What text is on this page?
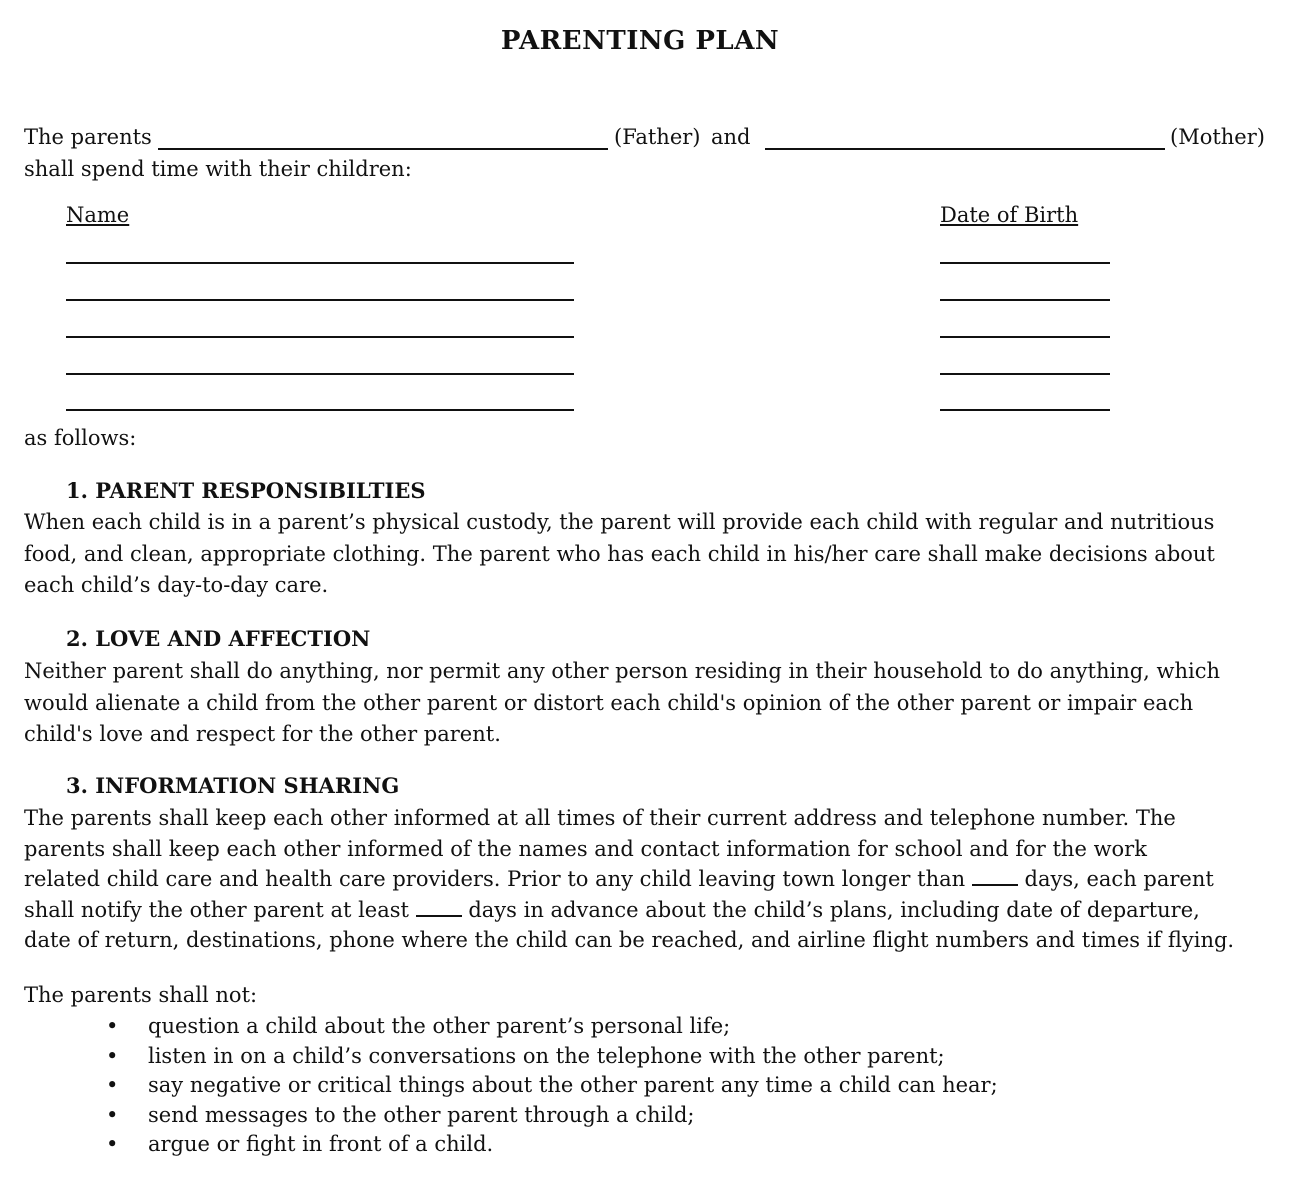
PARENTING PLAN
The parents	(Father) and	(Mother)
shall spend time with their children:
Name	Date of Birth
as follows:
1. PARENT RESPONSIBILTIES
When each child is in a parent’s physical custody, the parent will provide each child with regular and nutritious
food, and clean, appropriate clothing. The parent who has each child in his/her care shall make decisions about
each child’s day-to-day care.
2. LOVE AND AFFECTION
Neither parent shall do anything, nor permit any other person residing in their household to do anything, which
would alienate a child from the other parent or distort each child's opinion of the other parent or impair each
child's love and respect for the other parent.
3. INFORMATION SHARING
The parents shall keep each other informed at all times of their current address and telephone number. The
parents shall keep each other informed of the names and contact information for school and for the work
related child care and health care providers. Prior to any child leaving town longer than	days, each parent
shall notify the other parent at least	days in advance about the child’s plans, including date of departure,
date of return, destinations, phone where the child can be reached, and airline flight numbers and times if flying.
The parents shall not:
• question a child about the other parent’s personal life;
• listen in on a child’s conversations on the telephone with the other parent;
• say negative or critical things about the other parent any time a child can hear;
• send messages to the other parent through a child;
• argue or fight in front of a child.
